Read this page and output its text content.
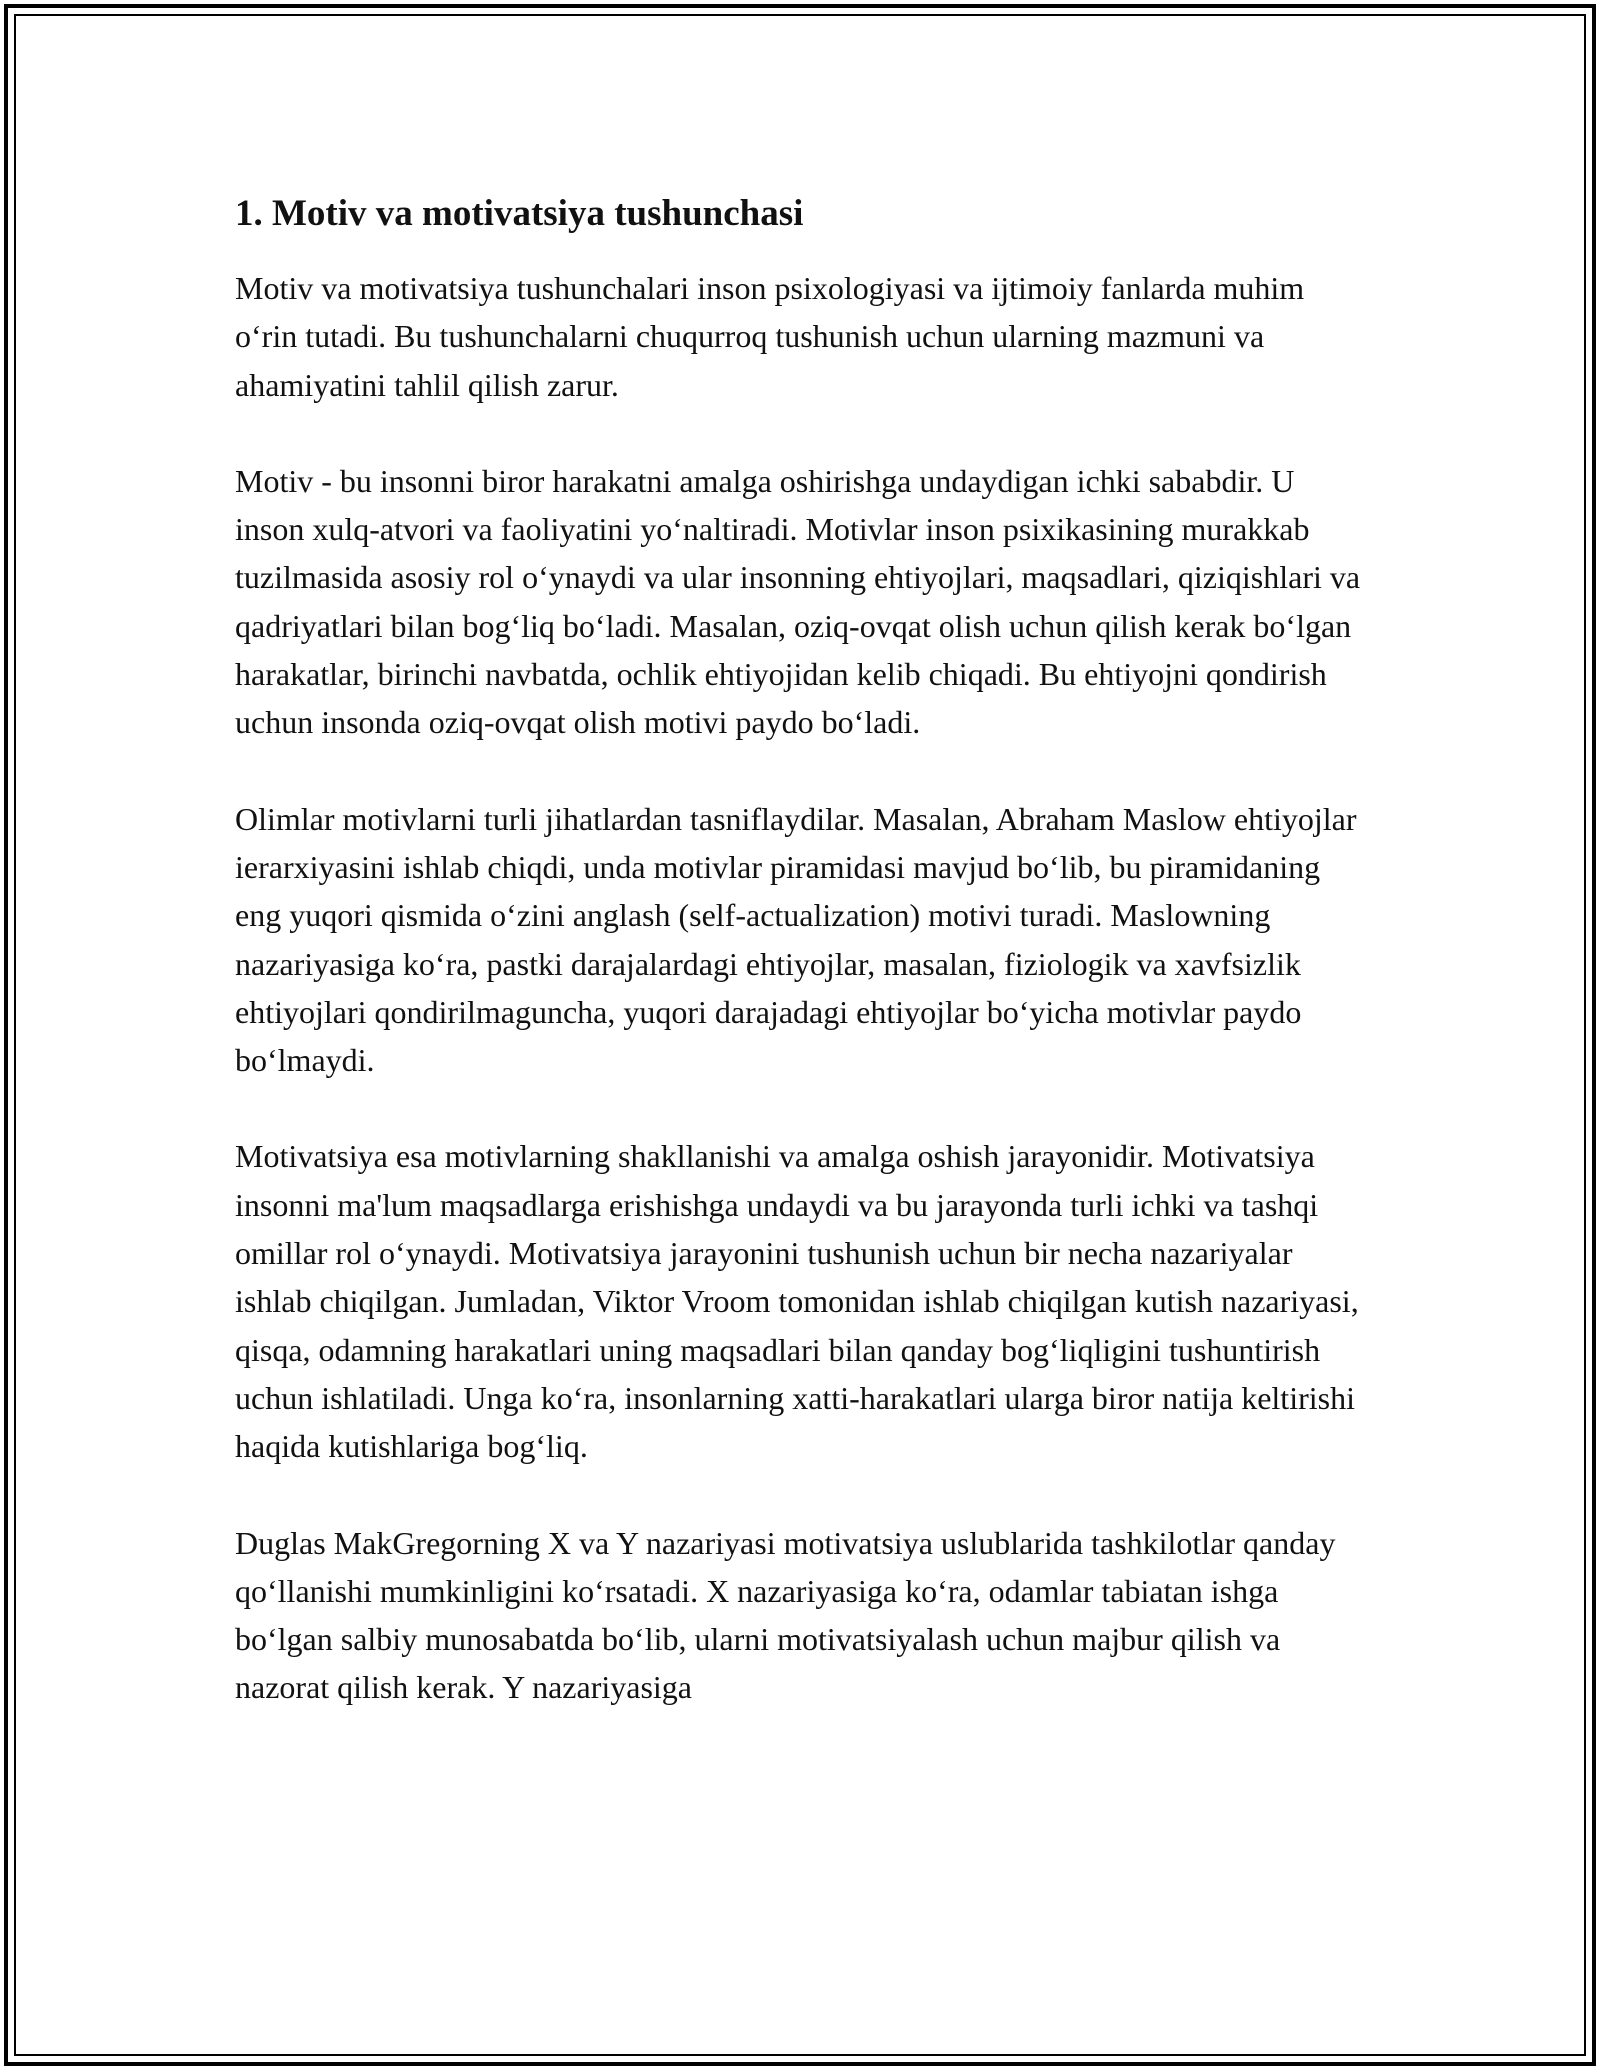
1. Motiv va motivatsiya tushunchasi

Motiv va motivatsiya tushunchalari inson psixologiyasi va ijtimoiy fanlarda muhim o‘rin tutadi. Bu tushunchalarni chuqurroq tushunish uchun ularning mazmuni va ahamiyatini tahlil qilish zarur.

Motiv - bu insonni biror harakatni amalga oshirishga undaydigan ichki sababdir. U inson xulq-atvori va faoliyatini yo‘naltiradi. Motivlar inson psixikasining murakkab tuzilmasida asosiy rol o‘ynaydi va ular insonning ehtiyojlari, maqsadlari, qiziqishlari va qadriyatlari bilan bog‘liq bo‘ladi. Masalan, oziq-ovqat olish uchun qilish kerak bo‘lgan harakatlar, birinchi navbatda, ochlik ehtiyojidan kelib chiqadi. Bu ehtiyojni qondirish uchun insonda oziq-ovqat olish motivi paydo bo‘ladi.

Olimlar motivlarni turli jihatlardan tasniflaydilar. Masalan, Abraham Maslow ehtiyojlar ierarxiyasini ishlab chiqdi, unda motivlar piramidasi mavjud bo‘lib, bu piramidaning eng yuqori qismida o‘zini anglash (self-actualization) motivi turadi. Maslowning nazariyasiga ko‘ra, pastki darajalardagi ehtiyojlar, masalan, fiziologik va xavfsizlik ehtiyojlari qondirilmaguncha, yuqori darajadagi ehtiyojlar bo‘yicha motivlar paydo bo‘lmaydi.

Motivatsiya esa motivlarning shakllanishi va amalga oshish jarayonidir. Motivatsiya insonni ma'lum maqsadlarga erishishga undaydi va bu jarayonda turli ichki va tashqi omillar rol o‘ynaydi. Motivatsiya jarayonini tushunish uchun bir necha nazariyalar ishlab chiqilgan. Jumladan, Viktor Vroom tomonidan ishlab chiqilgan kutish nazariyasi, qisqa, odamning harakatlari uning maqsadlari bilan qanday bog‘liqligini tushuntirish uchun ishlatiladi. Unga ko‘ra, insonlarning xatti-harakatlari ularga biror natija keltirishi haqida kutishlariga bog‘liq.

Duglas MakGregorning X va Y nazariyasi motivatsiya uslublarida tashkilotlar qanday qo‘llanishi mumkinligini ko‘rsatadi. X nazariyasiga ko‘ra, odamlar tabiatan ishga bo‘lgan salbiy munosabatda bo‘lib, ularni motivatsiyalash uchun majbur qilish va nazorat qilish kerak. Y nazariyasiga
